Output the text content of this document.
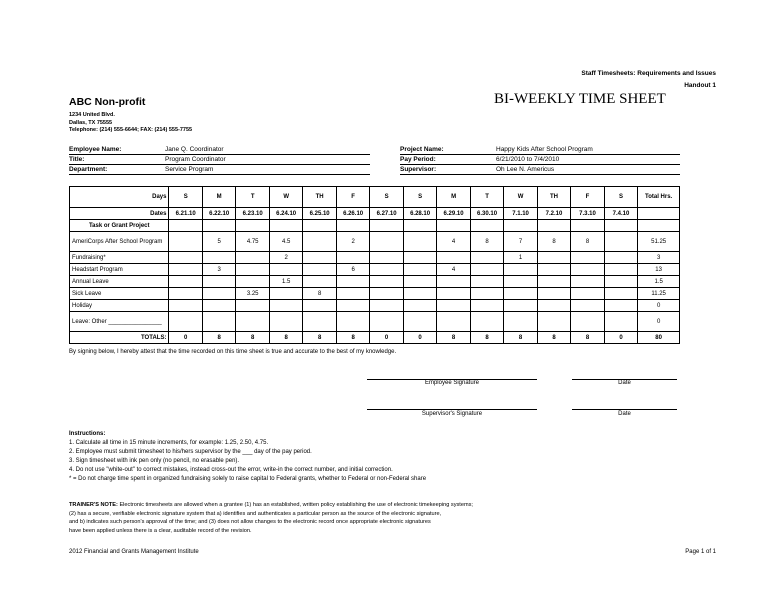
Staff Timesheets: Requirements and Issues
Handout 1
ABC Non-profit
1234 United Blvd.
Dallas, TX 75555
Telephone: (214) 555-6644; FAX: (214) 555-7755
BI-WEEKLY TIME SHEET
Employee Name:	Jane Q. Coordinator
Title:	Program Coordinator
Department:	Service Program
Project Name:	Happy Kids After School Program
Pay Period:	6/21/2010 to 7/4/2010
Supervisor:	Oh Lee N. Americus
Days	S	M	T	W	TH	F	S	S	M	T	W	TH	F	S	Total Hrs.
Dates	6.21.10	6.22.10	6.23.10	6.24.10	6.25.10	6.26.10	6.27.10	6.28.10	6.29.10	6.30.10	7.1.10	7.2.10	7.3.10	7.4.10	
Task or Grant Project															
AmeriCorps After School Program		5	4.75	4.5		2			4	8	7	8	8		51.25
Fundraising*				2							1				3
Headstart Program		3				6			4						13
Annual Leave				1.5											1.5
Sick Leave			3.25		8										11.25
Holiday															0
Leave: Other ________________															0
TOTALS:	0	8	8	8	8	8	0	0	8	8	8	8	8	0	80
By signing below, I hereby attest that the time recorded on this time sheet is true and accurate to the best of my knowledge.
Employee Signature	Date
Supervisor's Signature	Date
Instructions:
1. Calculate all time in 15 minute increments, for example: 1.25, 2.50, 4.75.
2. Employee must submit timesheet to his/hers supervisor by the ___ day of the pay period.
3. Sign timesheet with ink pen only (no pencil, no erasable pen).
4. Do not use "white-out" to correct mistakes, instead cross-out the error, write-in the correct number, and initial correction.
* = Do not charge time spent in organized fundraising solely to raise capital to Federal grants, whether to Federal or non-Federal share
TRAINER'S NOTE: Electronic timesheets are allowed when a grantee (1) has an established, written policy establishing the use of electronic timekeeping systems;
(2) has a secure, verifiable electronic signature system that a) identifies and authenticates a particular person as the source of the electronic signature,
and b) indicates such person's approval of the time; and (3) does not allow changes to the electronic record once appropriate electronic signatures
have been applied unless there is a clear, auditable record of the revision.
2012 Financial and Grants Management Institute	Page 1 of 1
